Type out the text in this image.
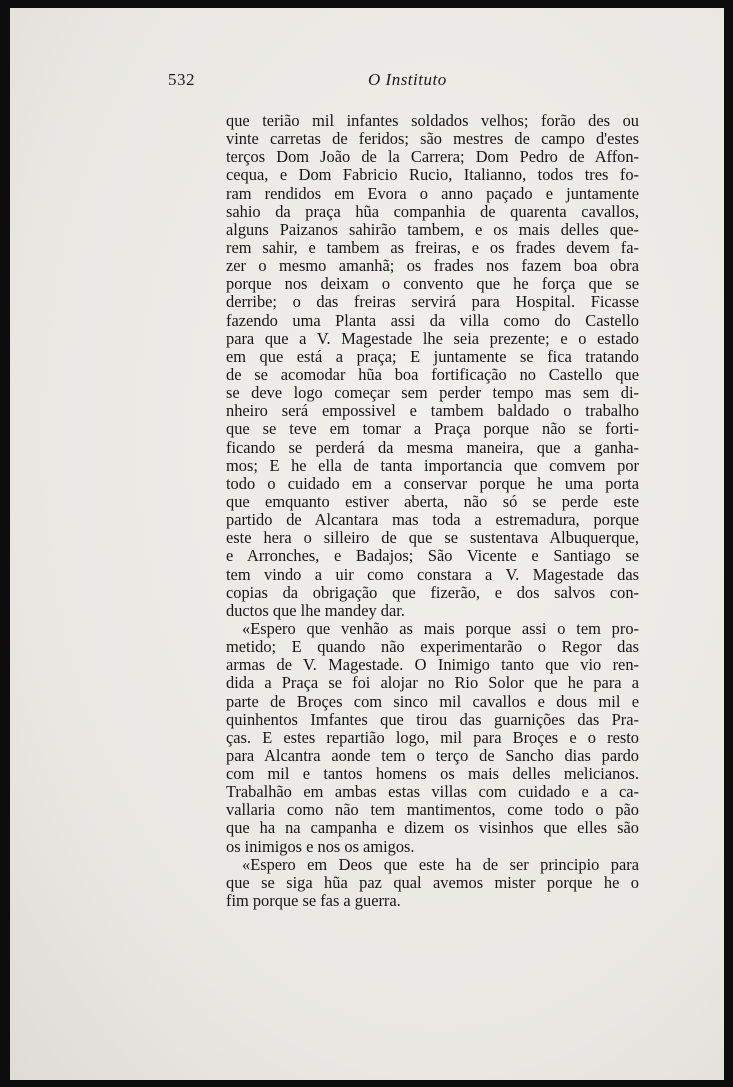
532	O Instituto
que terião mil infantes soldados velhos; forão des ou
vinte carretas de feridos; são mestres de campo d'estes
terços Dom João de la Carrera; Dom Pedro de Affon-
cequa, e Dom Fabricio Rucio, Italianno, todos tres fo-
ram rendidos em Evora o anno paçado e juntamente
sahio da praça hũa companhia de quarenta cavallos,
alguns Paizanos sahirão tambem, e os mais delles que-
rem sahir, e tambem as freiras, e os frades devem fa-
zer o mesmo amanhã; os frades nos fazem boa obra
porque nos deixam o convento que he força que se
derribe; o das freiras servirá para Hospital. Ficasse
fazendo uma Planta assi da villa como do Castello
para que a V. Magestade lhe seia prezente; e o estado
em que está a praça; E juntamente se fica tratando
de se acomodar hũa boa fortificação no Castello que
se deve logo começar sem perder tempo mas sem di-
nheiro será empossivel e tambem baldado o trabalho
que se teve em tomar a Praça porque não se forti-
ficando se perderá da mesma maneira, que a ganha-
mos; E he ella de tanta importancia que comvem por
todo o cuidado em a conservar porque he uma porta
que emquanto estiver aberta, não só se perde este
partido de Alcantara mas toda a estremadura, porque
este hera o silleiro de que se sustentava Albuquerque,
e Arronches, e Badajos; São Vicente e Santiago se
tem vindo a uir como constara a V. Magestade das
copias da obrigação que fizerão, e dos salvos con-
ductos que lhe mandey dar.
«Espero que venhão as mais porque assi o tem pro-
metido; E quando não experimentarão o Regor das
armas de V. Magestade. O Inimigo tanto que vio ren-
dida a Praça se foi alojar no Rio Solor que he para a
parte de Broçes com sinco mil cavallos e dous mil e
quinhentos Imfantes que tirou das guarnições das Pra-
ças. E estes repartião logo, mil para Broçes e o resto
para Alcantra aonde tem o terço de Sancho dias pardo
com mil e tantos homens os mais delles melicianos.
Trabalhão em ambas estas villas com cuidado e a ca-
vallaria como não tem mantimentos, come todo o pão
que ha na campanha e dizem os visinhos que elles são
os inimigos e nos os amigos.
«Espero em Deos que este ha de ser principio para
que se siga hũa paz qual avemos mister porque he o
fim porque se fas a guerra.
